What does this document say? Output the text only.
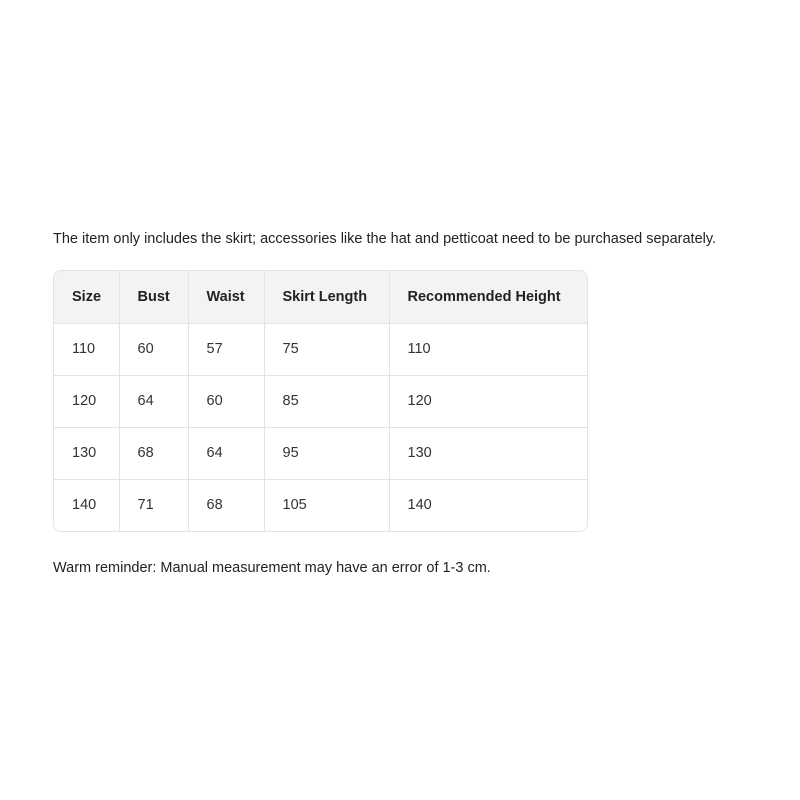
The item only includes the skirt; accessories like the hat and petticoat need to be purchased separately.

Size	Bust	Waist	Skirt Length	Recommended Height
110	60	57	75	110
120	64	60	85	120
130	68	64	95	130
140	71	68	105	140

Warm reminder: Manual measurement may have an error of 1-3 cm.
